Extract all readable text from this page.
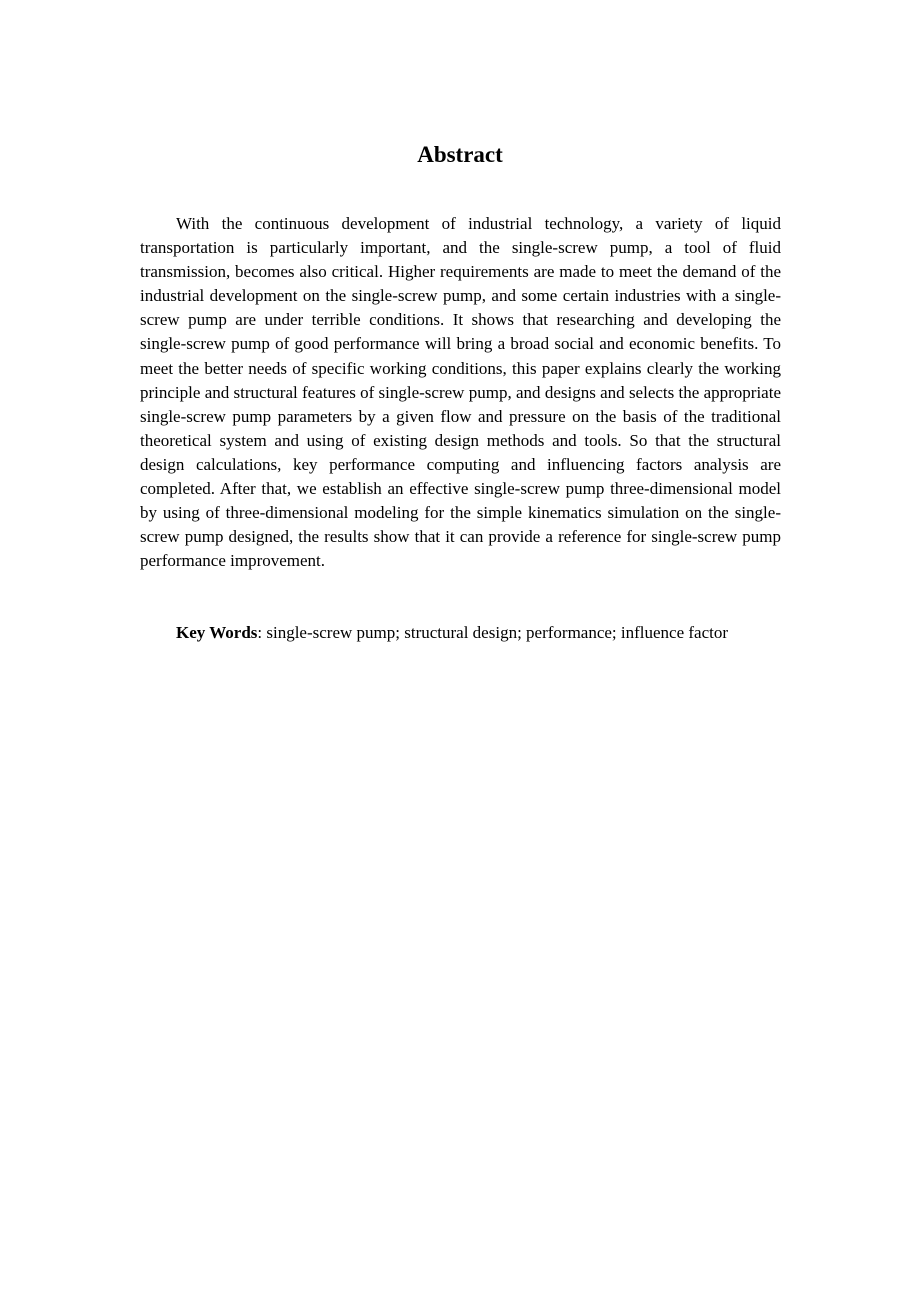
Abstract

With the continuous development of industrial technology, a variety of liquid transportation is particularly important, and the single-screw pump, a tool of fluid transmission, becomes also critical. Higher requirements are made to meet the demand of the industrial development on the single-screw pump, and some certain industries with a single-screw pump are under terrible conditions. It shows that researching and developing the single-screw pump of good performance will bring a broad social and economic benefits. To meet the better needs of specific working conditions, this paper explains clearly the working principle and structural features of single-screw pump, and designs and selects the appropriate single-screw pump parameters by a given flow and pressure on the basis of the traditional theoretical system and using of existing design methods and tools. So that the structural design calculations, key performance computing and influencing factors analysis are completed. After that, we establish an effective single-screw pump three-dimensional model by using of three-dimensional modeling for the simple kinematics simulation on the single-screw pump designed, the results show that it can provide a reference for single-screw pump performance improvement.

Key Words: single-screw pump; structural design; performance; influence factor
